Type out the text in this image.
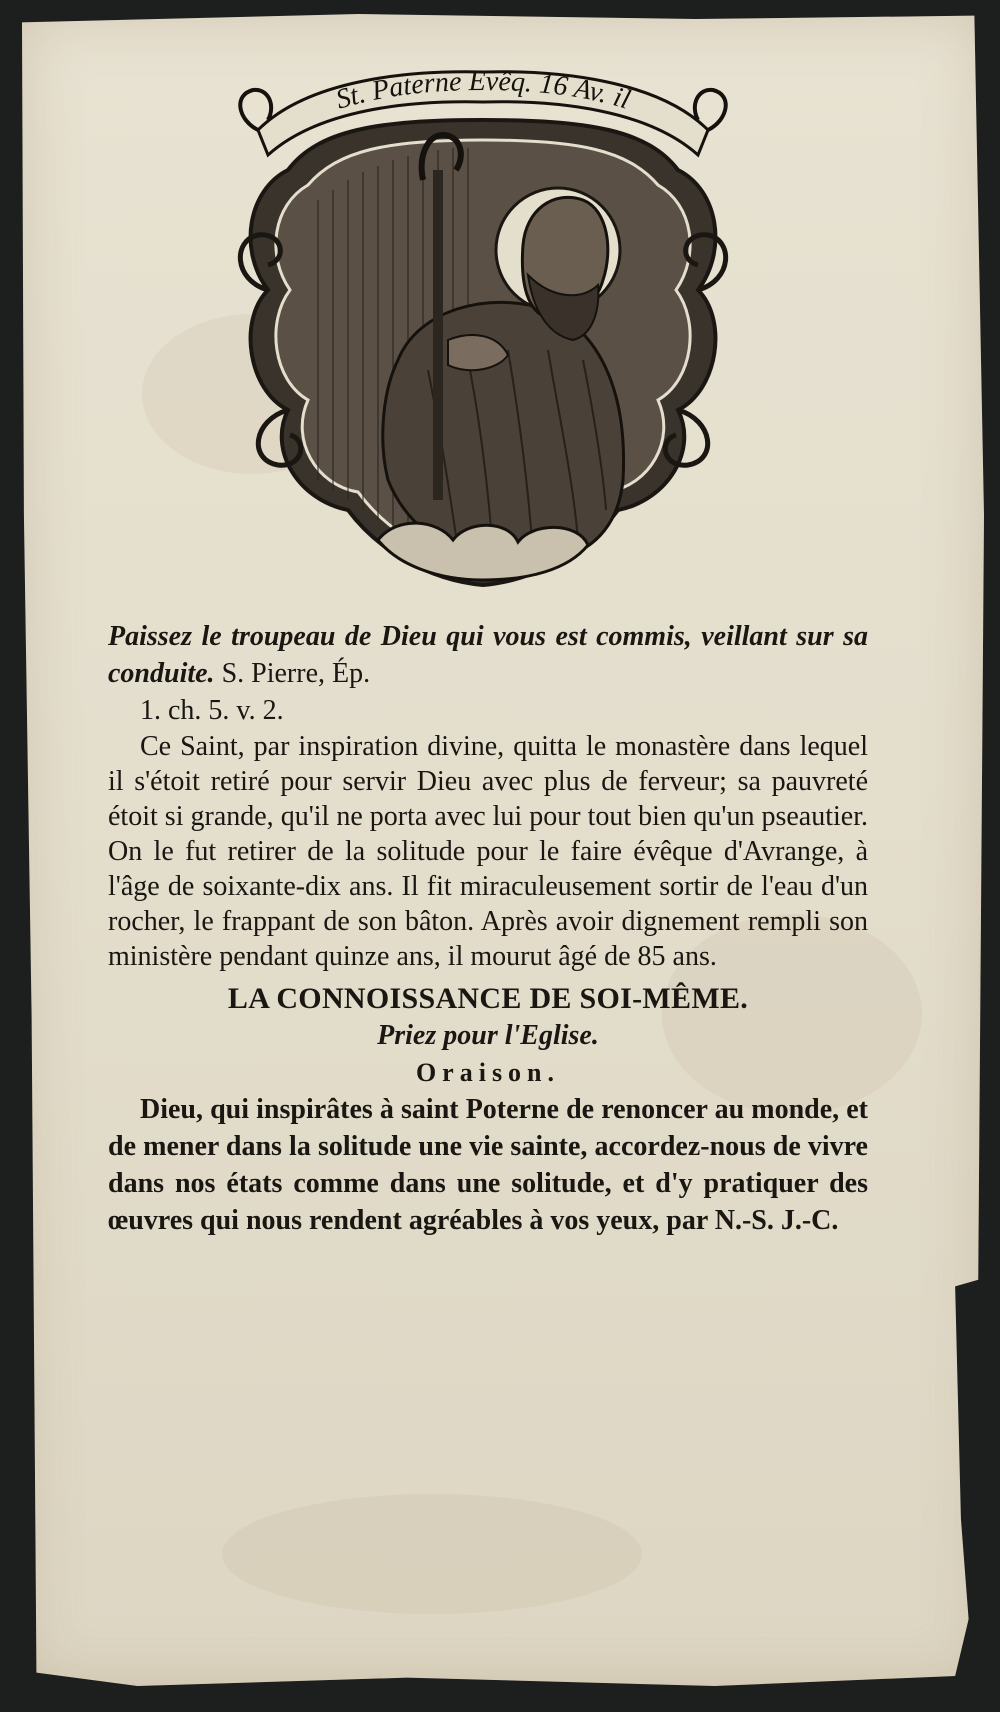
St. Paterne Evêq. 16 Av. il

Paissez le troupeau de Dieu qui vous est commis, veillant sur sa conduite. S. Pierre, Ép.
1. ch. 5. v. 2.

Ce Saint, par inspiration divine, quitta le monastère dans lequel il s'étoit retiré pour servir Dieu avec plus de ferveur; sa pauvreté étoit si grande, qu'il ne porta avec lui pour tout bien qu'un pseautier. On le fut retirer de la solitude pour le faire évêque d'Avrange, à l'âge de soixante-dix ans. Il fit miraculeusement sortir de l'eau d'un rocher, le frappant de son bâton. Après avoir dignement rempli son ministère pendant quinze ans, il mourut âgé de 85 ans.

LA CONNOISSANCE DE SOI-MÊME.

Priez pour l'Eglise.

Oraison.

Dieu, qui inspirâtes à saint Poterne de renoncer au monde, et de mener dans la solitude une vie sainte, accordez-nous de vivre dans nos états comme dans une solitude, et d'y pratiquer des œuvres qui nous rendent agréables à vos yeux, par N.-S. J.-C.
